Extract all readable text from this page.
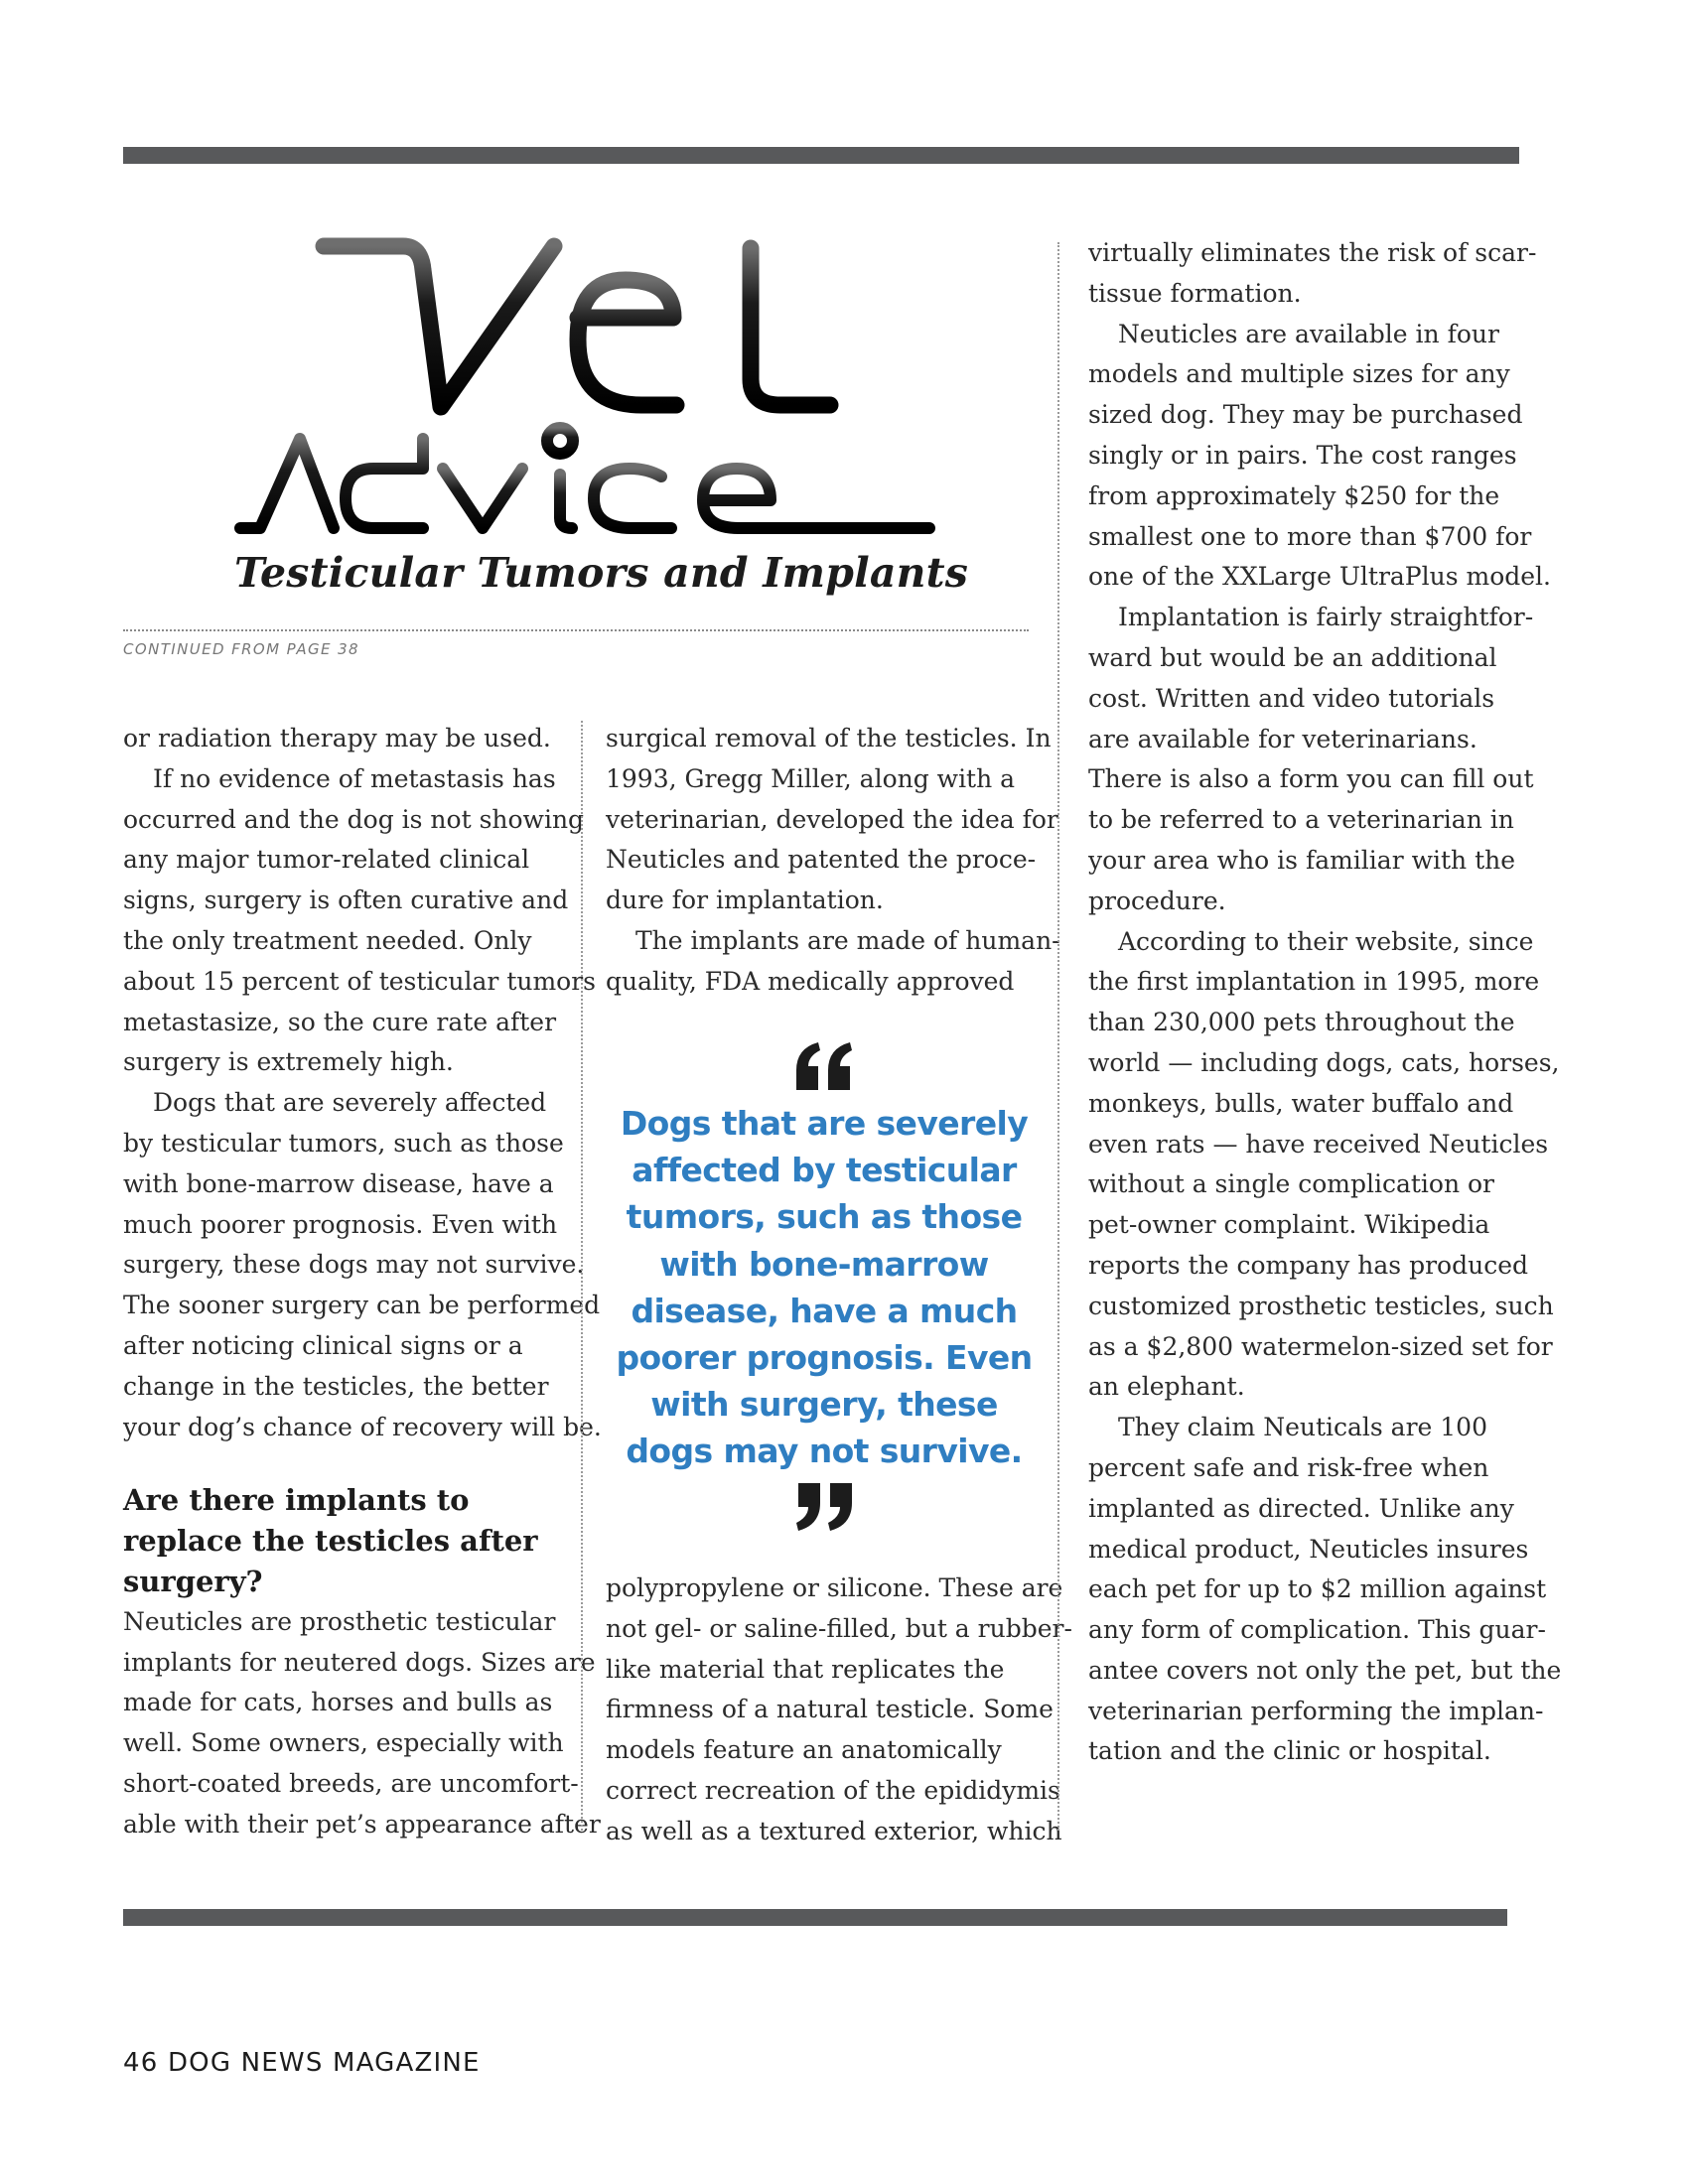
Testicular Tumors and Implants
CONTINUED FROM PAGE 38

or radiation therapy may be used.

If no evidence of metastasis has

occurred and the dog is not showing

any major tumor-related clinical

signs, surgery is often curative and

the only treatment needed. Only

about 15 percent of testicular tumors

metastasize, so the cure rate after

surgery is extremely high.

Dogs that are severely affected

by testicular tumors, such as those

with bone-marrow disease, have a

much poorer prognosis. Even with

surgery, these dogs may not survive.

The sooner surgery can be performed

after noticing clinical signs or a

change in the testicles, the better

your dog’s chance of recovery will be.

Are there implants to

replace the testicles after

surgery?

Neuticles are prosthetic testicular

implants for neutered dogs. Sizes are

made for cats, horses and bulls as

well. Some owners, especially with

short-coated breeds, are uncomfort-

able with their pet’s appearance after

surgical removal of the testicles. In

1993, Gregg Miller, along with a

veterinarian, developed the idea for

Neuticles and patented the proce-

dure for implantation.

The implants are made of human-

quality, FDA medically approved

Dogs that are severely
affected by testicular
tumors, such as those
with bone-marrow
disease, have a much
poorer prognosis. Even
with surgery, these
dogs may not survive.

polypropylene or silicone. These are

not gel- or saline-filled, but a rubber-

like material that replicates the

firmness of a natural testicle. Some

models feature an anatomically

correct recreation of the epididymis

as well as a textured exterior, which

virtually eliminates the risk of scar-

tissue formation.

Neuticles are available in four

models and multiple sizes for any

sized dog. They may be purchased

singly or in pairs. The cost ranges

from approximately $250 for the

smallest one to more than $700 for

one of the XXLarge UltraPlus model.

Implantation is fairly straightfor-

ward but would be an additional

cost. Written and video tutorials

are available for veterinarians.

There is also a form you can fill out

to be referred to a veterinarian in

your area who is familiar with the

procedure.

According to their website, since

the first implantation in 1995, more

than 230,000 pets throughout the

world — including dogs, cats, horses,

monkeys, bulls, water buffalo and

even rats — have received Neuticles

without a single complication or

pet-owner complaint. Wikipedia

reports the company has produced

customized prosthetic testicles, such

as a $2,800 watermelon-sized set for

an elephant.

They claim Neuticals are 100

percent safe and risk-free when

implanted as directed. Unlike any

medical product, Neuticles insures

each pet for up to $2 million against

any form of complication. This guar-

antee covers not only the pet, but the

veterinarian performing the implan-

tation and the clinic or hospital.

46 DOG NEWS MAGAZINE
